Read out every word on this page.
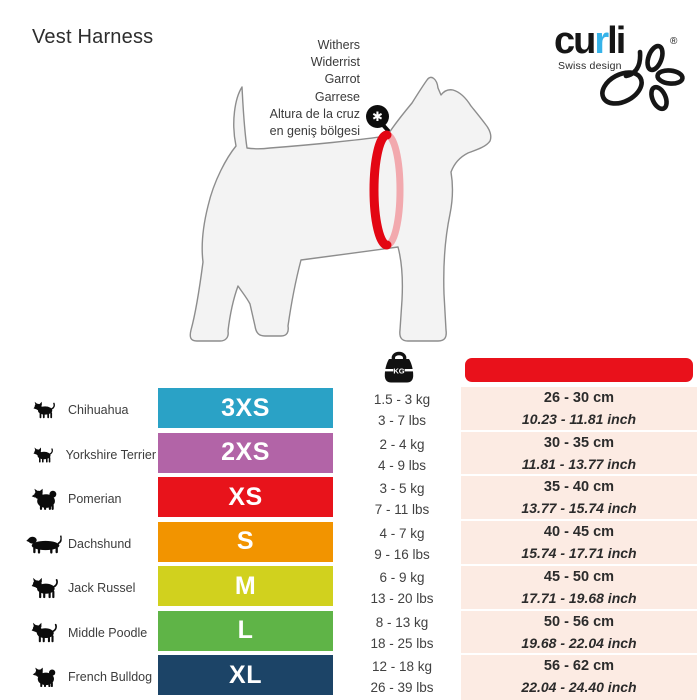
Vest Harness	curli
Swiss design
®
Withers
Widerrist
Garrot
Garrese
Altura de la cruz
en geniş bölgesi
✱
Chihuahua
Yorkshire Terrier
Pomerian
Dachshund
Jack Russel
Middle Poodle
French Bulldog
3XS
2XS
XS
S
M
L
XL
KG
1.5 - 3 kg
3 - 7 lbs
2 - 4 kg
4 - 9 lbs
3 - 5 kg
7 - 11 lbs
4 - 7 kg
9 - 16 lbs
6 - 9 kg
13 - 20 lbs
8 - 13 kg
18 - 25 lbs
12 - 18 kg
26 - 39 lbs
26 - 30 cm
10.23 - 11.81 inch
30 - 35 cm
11.81 - 13.77 inch
35 - 40 cm
13.77 - 15.74 inch
40 - 45 cm
15.74 - 17.71 inch
45 - 50 cm
17.71 - 19.68 inch
50 - 56 cm
19.68 - 22.04 inch
56 - 62 cm
22.04 - 24.40 inch
